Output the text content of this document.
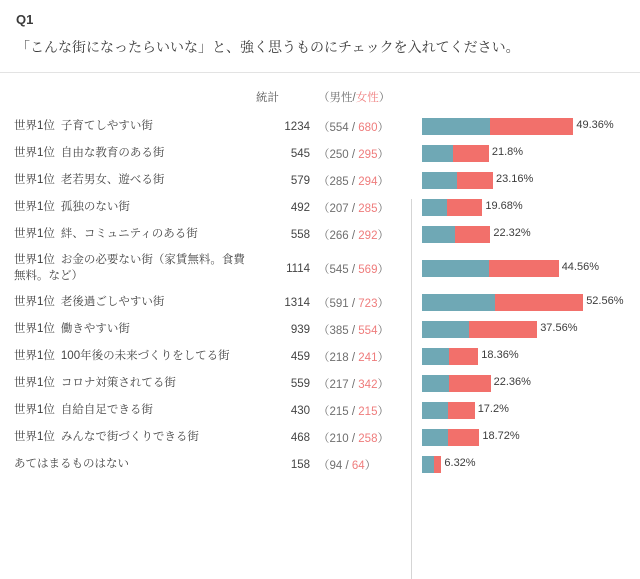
Q1
「こんな街になったらいいな」と、強く思うものにチェックを入れてください。
	統計	（男性/女性）	
世界1位 子育てしやすい街	1234	（554 / 680）	49.36%

世界1位 自由な教育のある街	545	（250 / 295）	21.8%

世界1位 老若男女、遊べる街	579	（285 / 294）	23.16%

世界1位 孤独のない街	492	（207 / 285）	19.68%

世界1位 絆、コミュニティのある街	558	（266 / 292）	22.32%

世界1位 お金の必要ない街（家賃無料。食費無料。など）	1114	（545 / 569）	44.56%

世界1位 老後過ごしやすい街	1314	（591 / 723）	52.56%

世界1位 働きやすい街	939	（385 / 554）	37.56%

世界1位 100年後の未来づくりをしてる街	459	（218 / 241）	18.36%

世界1位 コロナ対策されてる街	559	（217 / 342）	22.36%

世界1位 自給自足できる街	430	（215 / 215）	17.2%

世界1位 みんなで街づくりできる街	468	（210 / 258）	18.72%

あてはまるものはない	158	（94 / 64）	6.32%
